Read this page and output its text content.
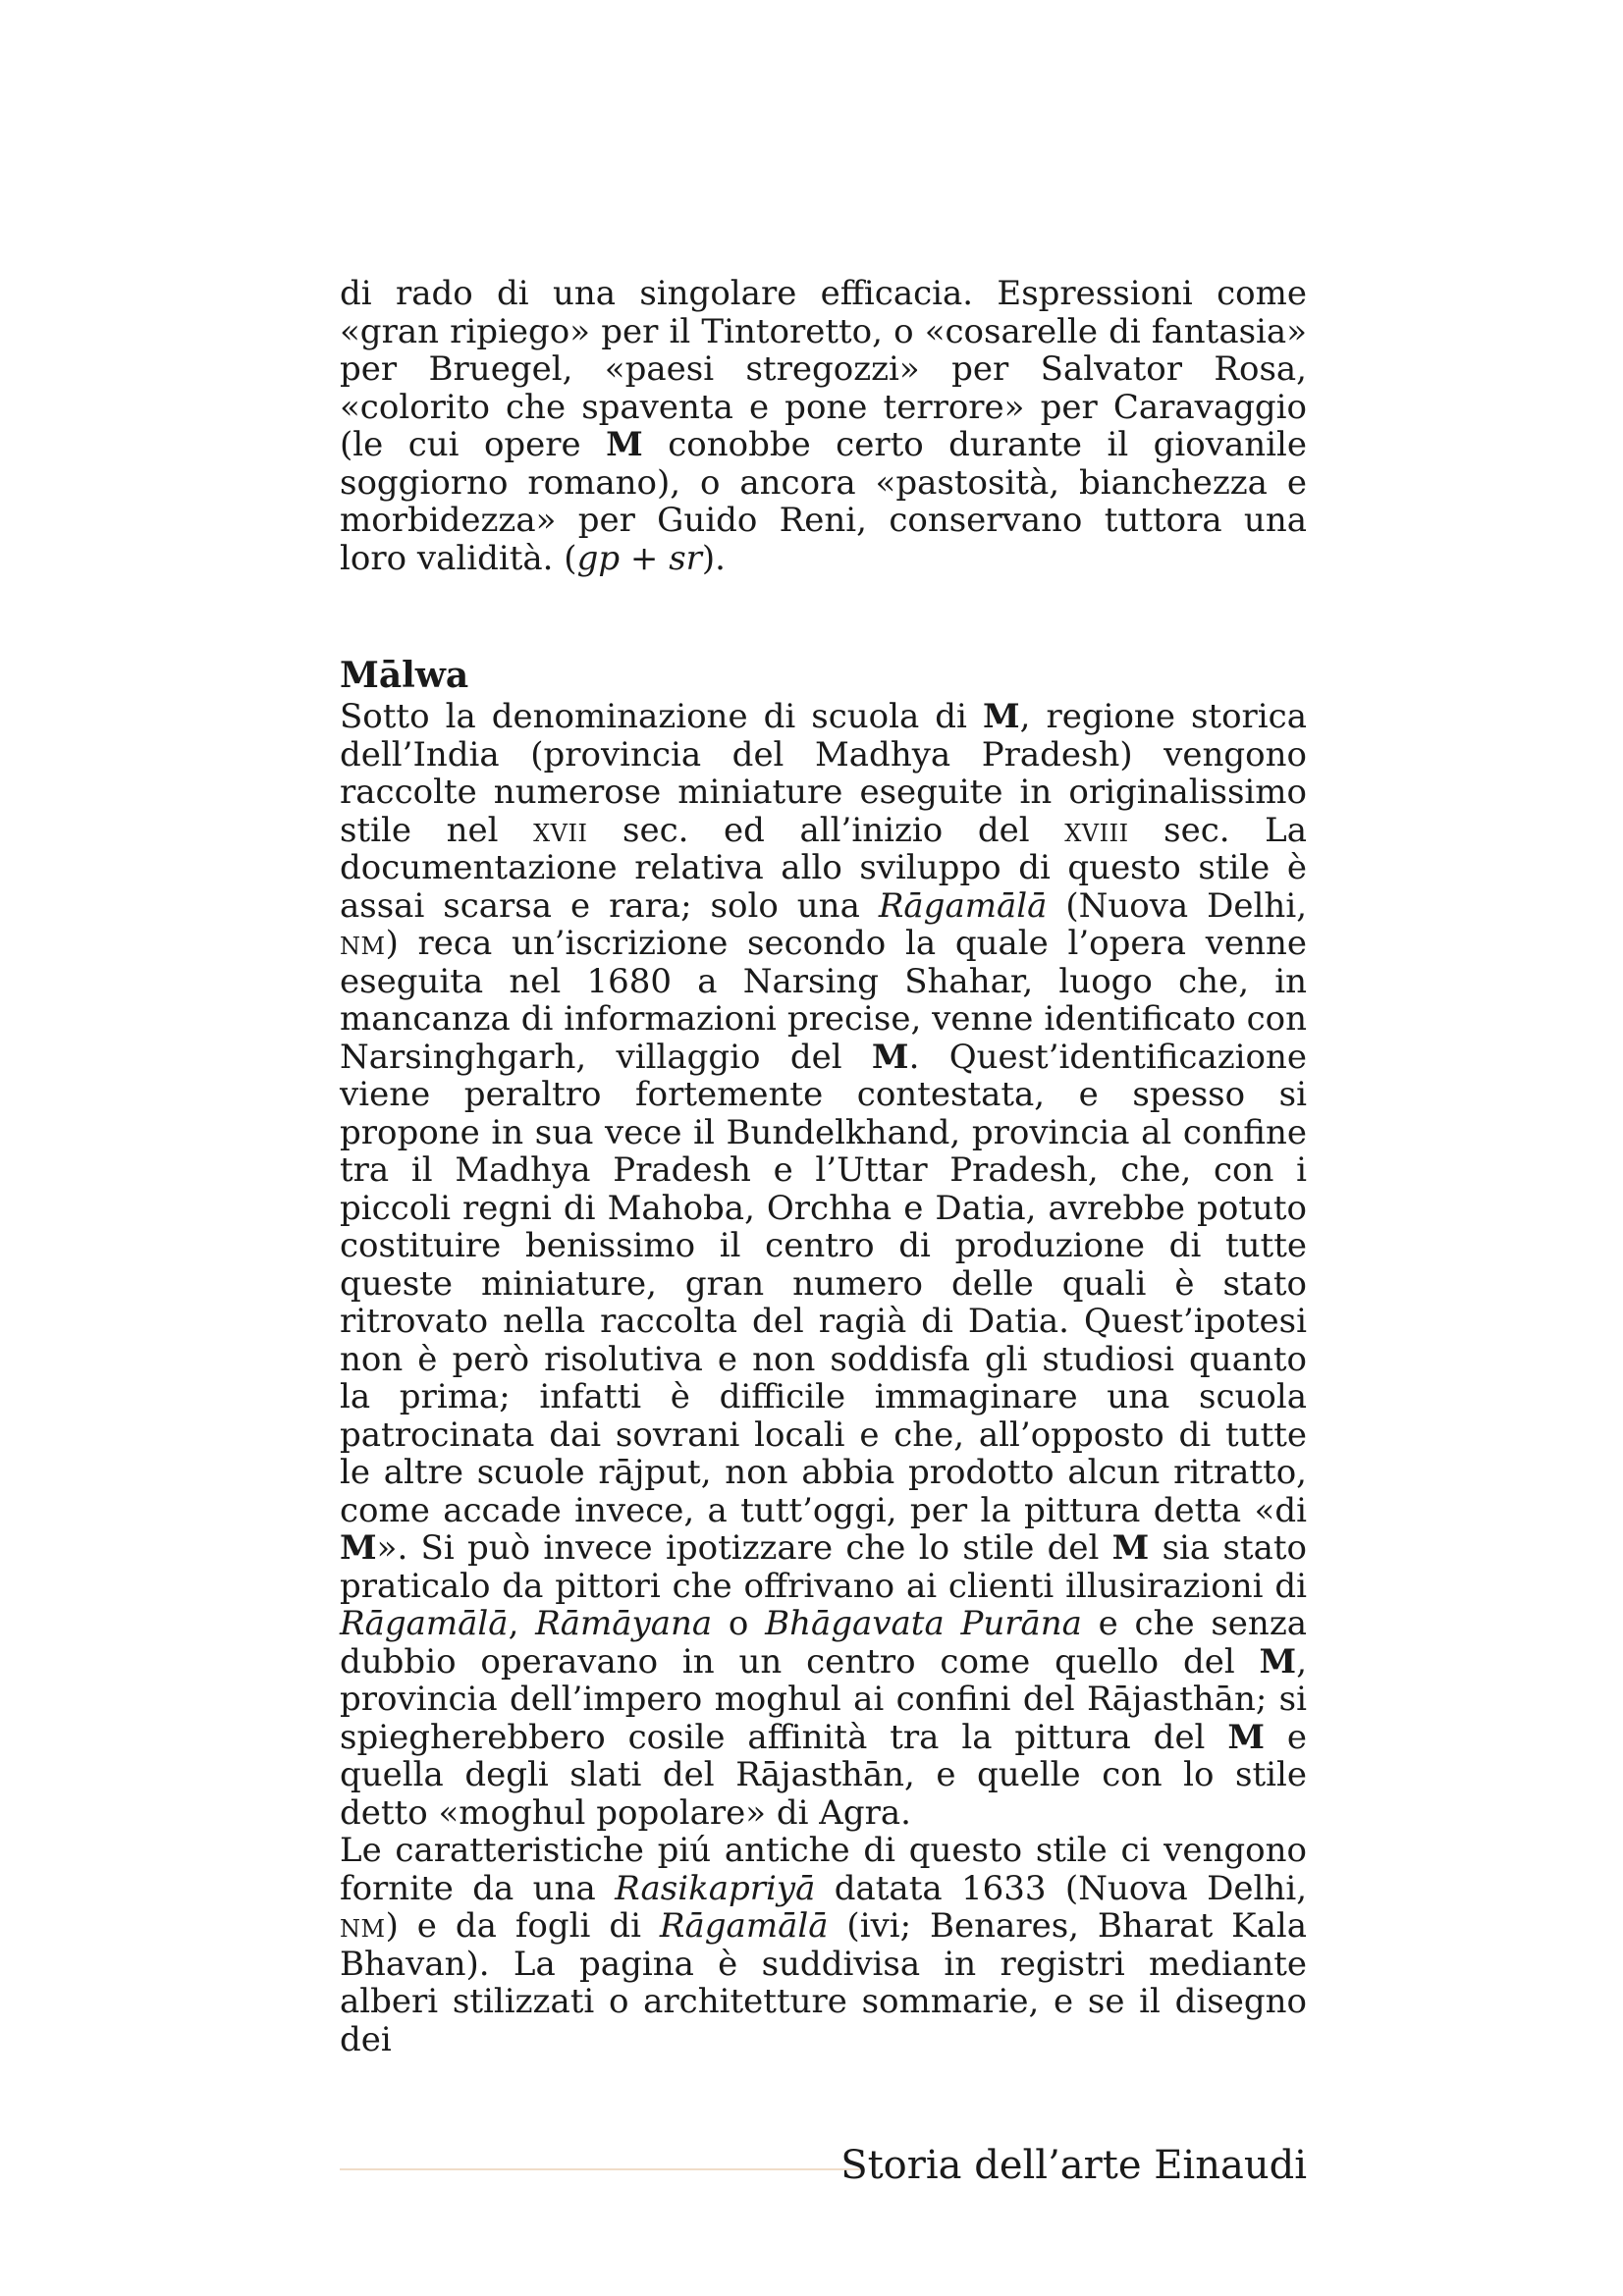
di rado di una singolare efficacia. Espressioni come «gran ripiego» per il Tintoretto, o «cosarelle di fantasia» per Bruegel, «paesi stregozzi» per Salvator Rosa, «colorito che spaventa e pone terrore» per Caravaggio (le cui opere M conobbe certo durante il giovanile soggiorno romano), o ancora «pastosità, bianchezza e morbidezza» per Guido Reni, conservano tuttora una loro validità. (gp + sr).

Mālwa

Sotto la denominazione di scuola di M, regione storica dell’India (provincia del Madhya Pradesh) vengono raccolte numerose miniature eseguite in originalissimo stile nel xvii sec. ed all’inizio del xviii sec. La documentazione relativa allo sviluppo di questo stile è assai scarsa e rara; solo una Rāgamālā (Nuova Delhi, nm) reca un’iscrizione secondo la quale l’opera venne eseguita nel 1680 a Narsing Shahar, luogo che, in mancanza di informazioni precise, venne identificato con Narsinghgarh, villaggio del M. Quest’identificazione viene peraltro fortemente contestata, e spesso si propone in sua vece il Bundelkhand, provincia al confine tra il Madhya Pradesh e l’Uttar Pradesh, che, con i piccoli regni di Mahoba, Orchha e Datia, avrebbe potuto costituire benissimo il centro di produzione di tutte queste miniature, gran numero delle quali è stato ritrovato nella raccolta del ragià di Datia. Quest’ipotesi non è però risolutiva e non soddisfa gli studiosi quanto la prima; infatti è difficile immaginare una scuola patrocinata dai sovrani locali e che, all’opposto di tutte le altre scuole rājput, non abbia prodotto alcun ritratto, come accade invece, a tutt’oggi, per la pittura detta «di M». Si può invece ipotizzare che lo stile del M sia stato praticalo da pittori che offrivano ai clienti illusirazioni di Rāgamālā, Rāmāyana o Bhāgavata Purāna e che senza dubbio operavano in un centro come quello del M, provincia dell’impero moghul ai confini del Rājasthān; si spiegherebbero cosile affinità tra la pittura del M e quella degli slati del Rājasthān, e quelle con lo stile detto «moghul popolare» di Agra.

Le caratteristiche piú antiche di questo stile ci vengono fornite da una Rasikapriyā datata 1633 (Nuova Delhi, nm) e da fogli di Rāgamālā (ivi; Benares, Bharat Kala Bhavan). La pagina è suddivisa in registri mediante alberi stilizzati o architetture sommarie, e se il disegno dei

Storia dell’arte Einaudi
